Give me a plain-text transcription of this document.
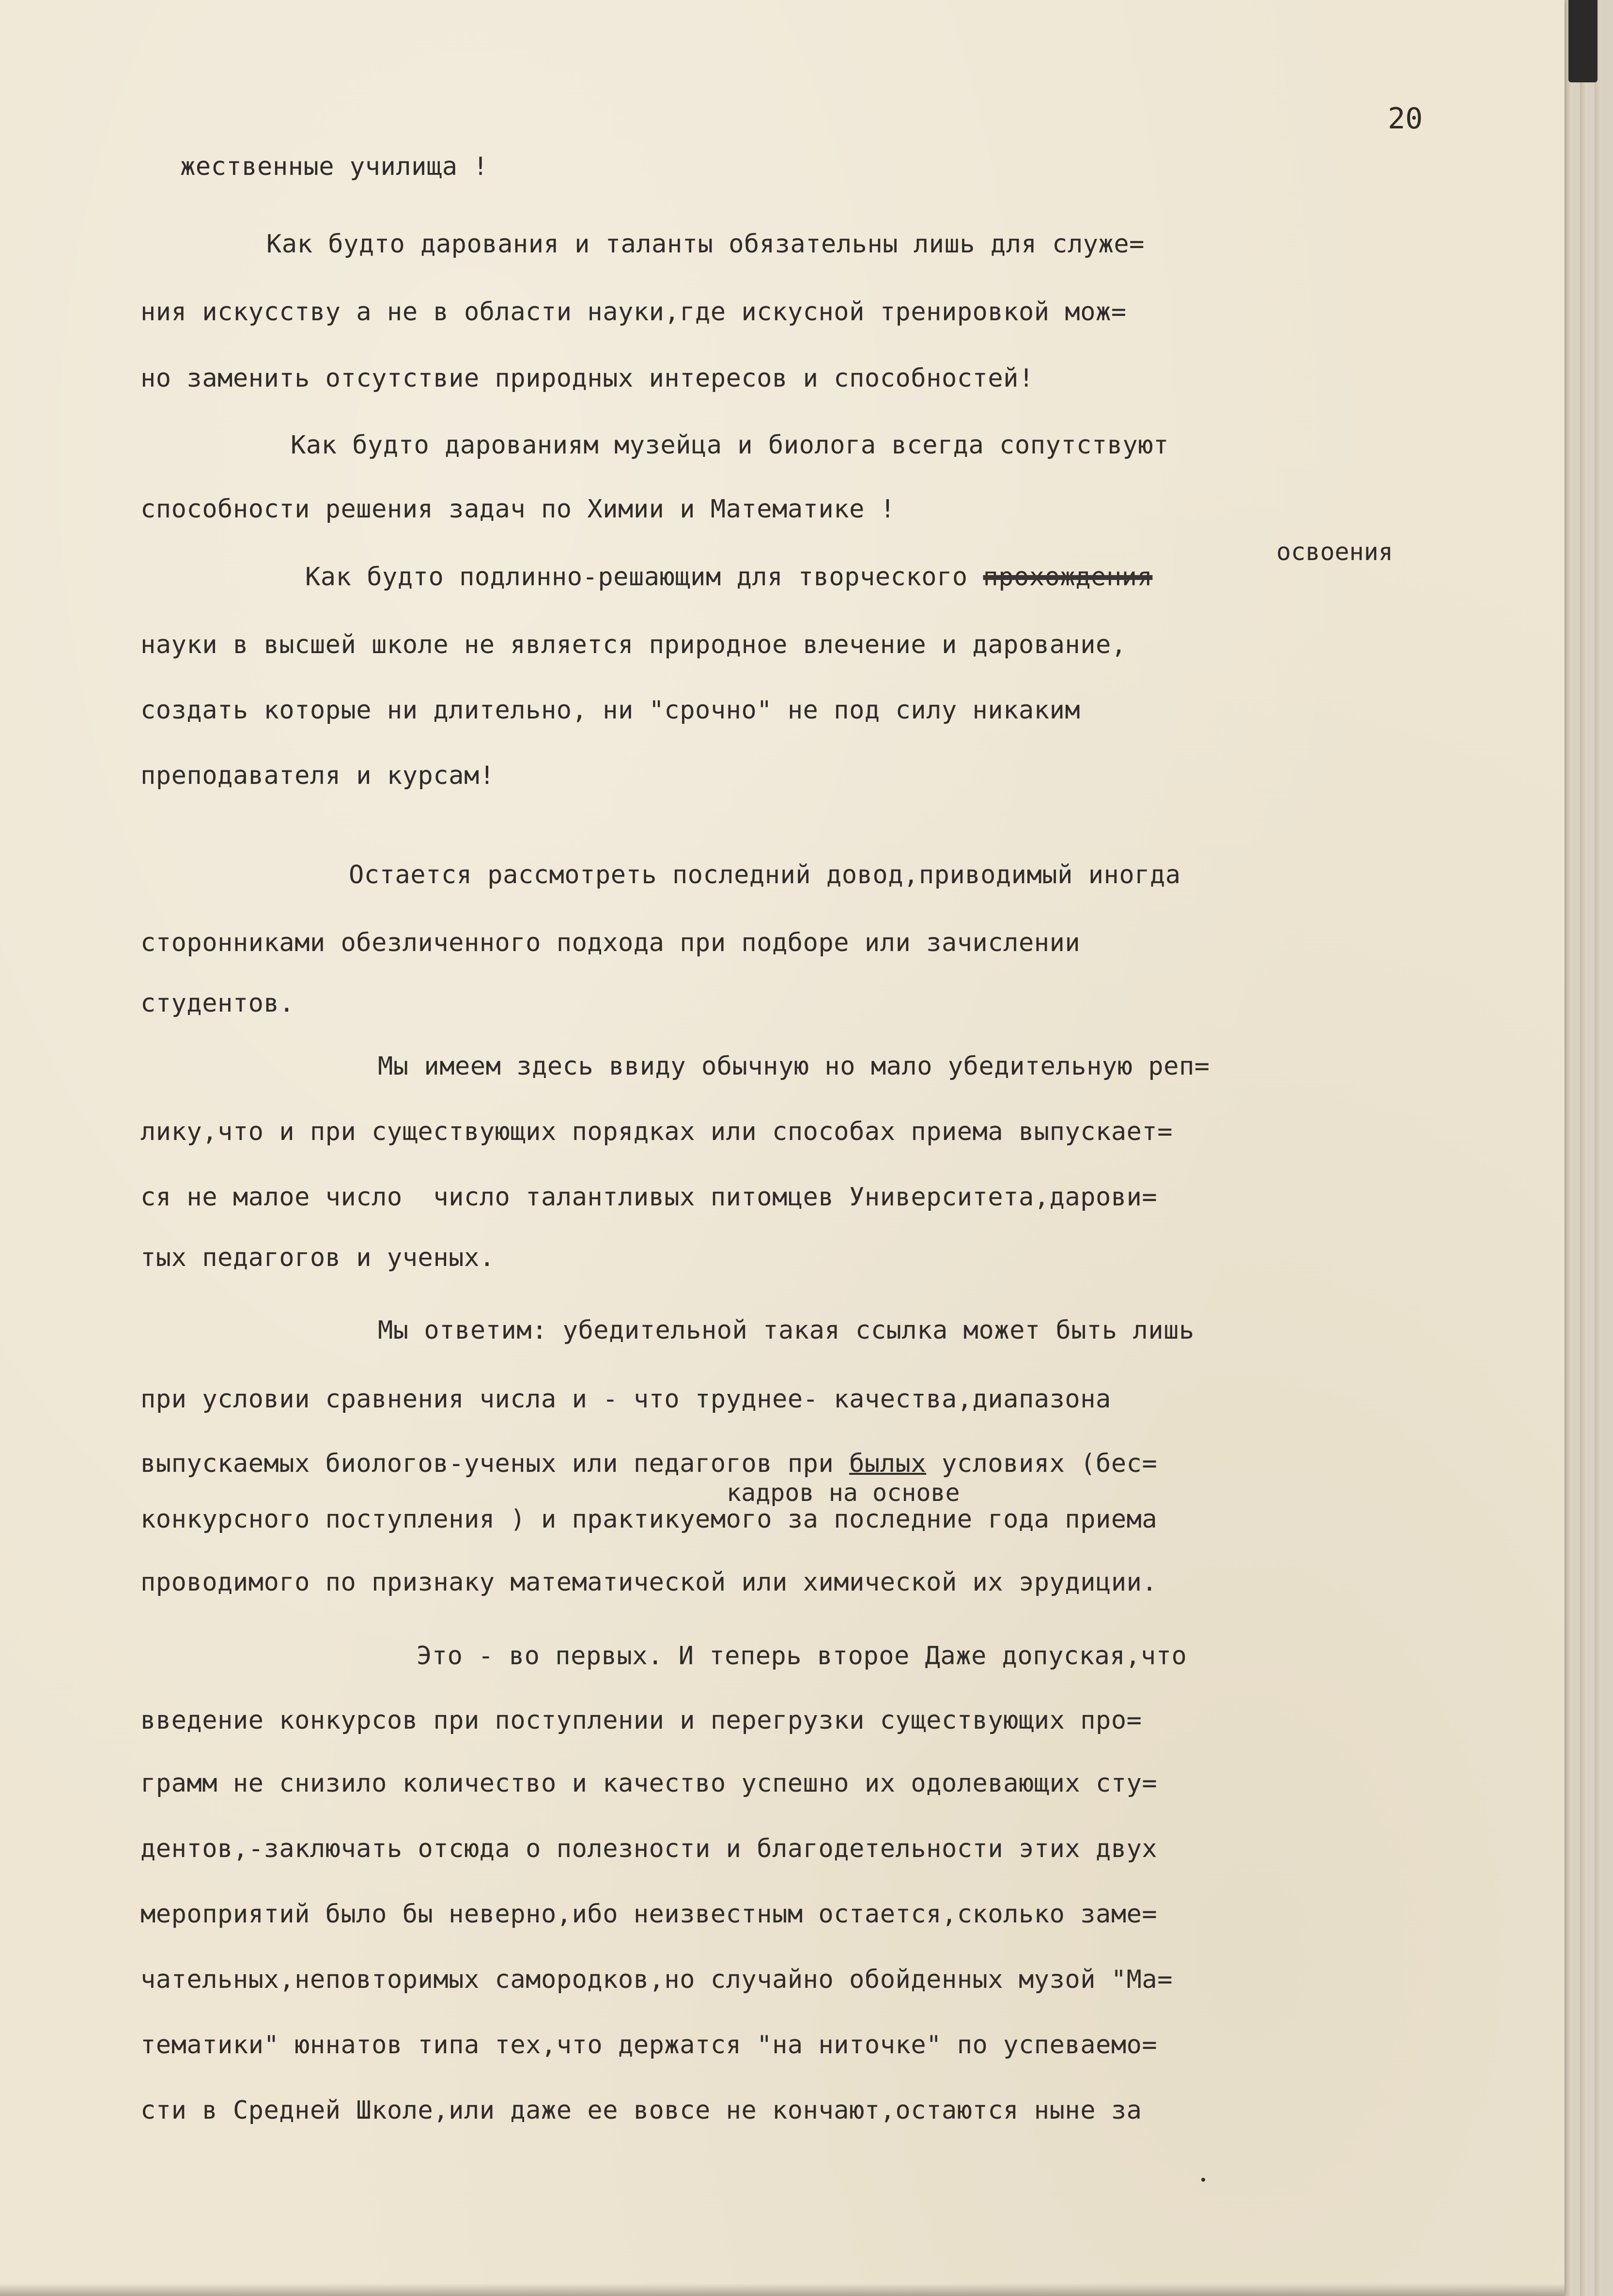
20

жественные училища !

Как будто дарования и таланты обязательны лишь для служе=

ния искусству а не в области науки,где искусной тренировкой мож=

но заменить отсутствие природных интересов и способностей!

Как будто дарованиям музейца и биолога всегда сопутствуют

способности решения задач по Химии и Математике !

освоения

Как будто подлинно-решающим для творческого прохождения

науки в высшей школе не является природное влечение и дарование,

создать которые ни длительно, ни "срочно" не под силу никаким

преподавателя и курсам!

Остается рассмотреть последний довод,приводимый иногда

сторонниками обезличенного подхода при подборе или зачислении

студентов.

Мы имеем здесь ввиду обычную но мало убедительную реп=

лику,что и при существующих порядках или способах приема выпускает=

ся не малое число  число талантливых питомцев Университета,дарови=

тых педагогов и ученых.

Мы ответим: убедительной такая ссылка может быть лишь

при условии сравнения числа и - что труднее- качества,диапазона

выпускаемых биологов-ученых или педагогов при былых условиях (бес=

кадров на основе

конкурсного поступления ) и практикуемого за последние года приема

проводимого по признаку математической или химической их эрудиции.

Это - во первых. И теперь второе Даже допуская,что

введение конкурсов при поступлении и перегрузки существующих про=

грамм не снизило количество и качество успешно их одолевающих сту=

дентов,-заключать отсюда о полезности и благодетельности этих двух

мероприятий было бы неверно,ибо неизвестным остается,сколько заме=

чательных,неповторимых самородков,но случайно обойденных музой "Ма=

тематики" юннатов типа тех,что держатся "на ниточке" по успеваемо=

сти в Средней Школе,или даже ее вовсе не кончают,остаются ныне за
